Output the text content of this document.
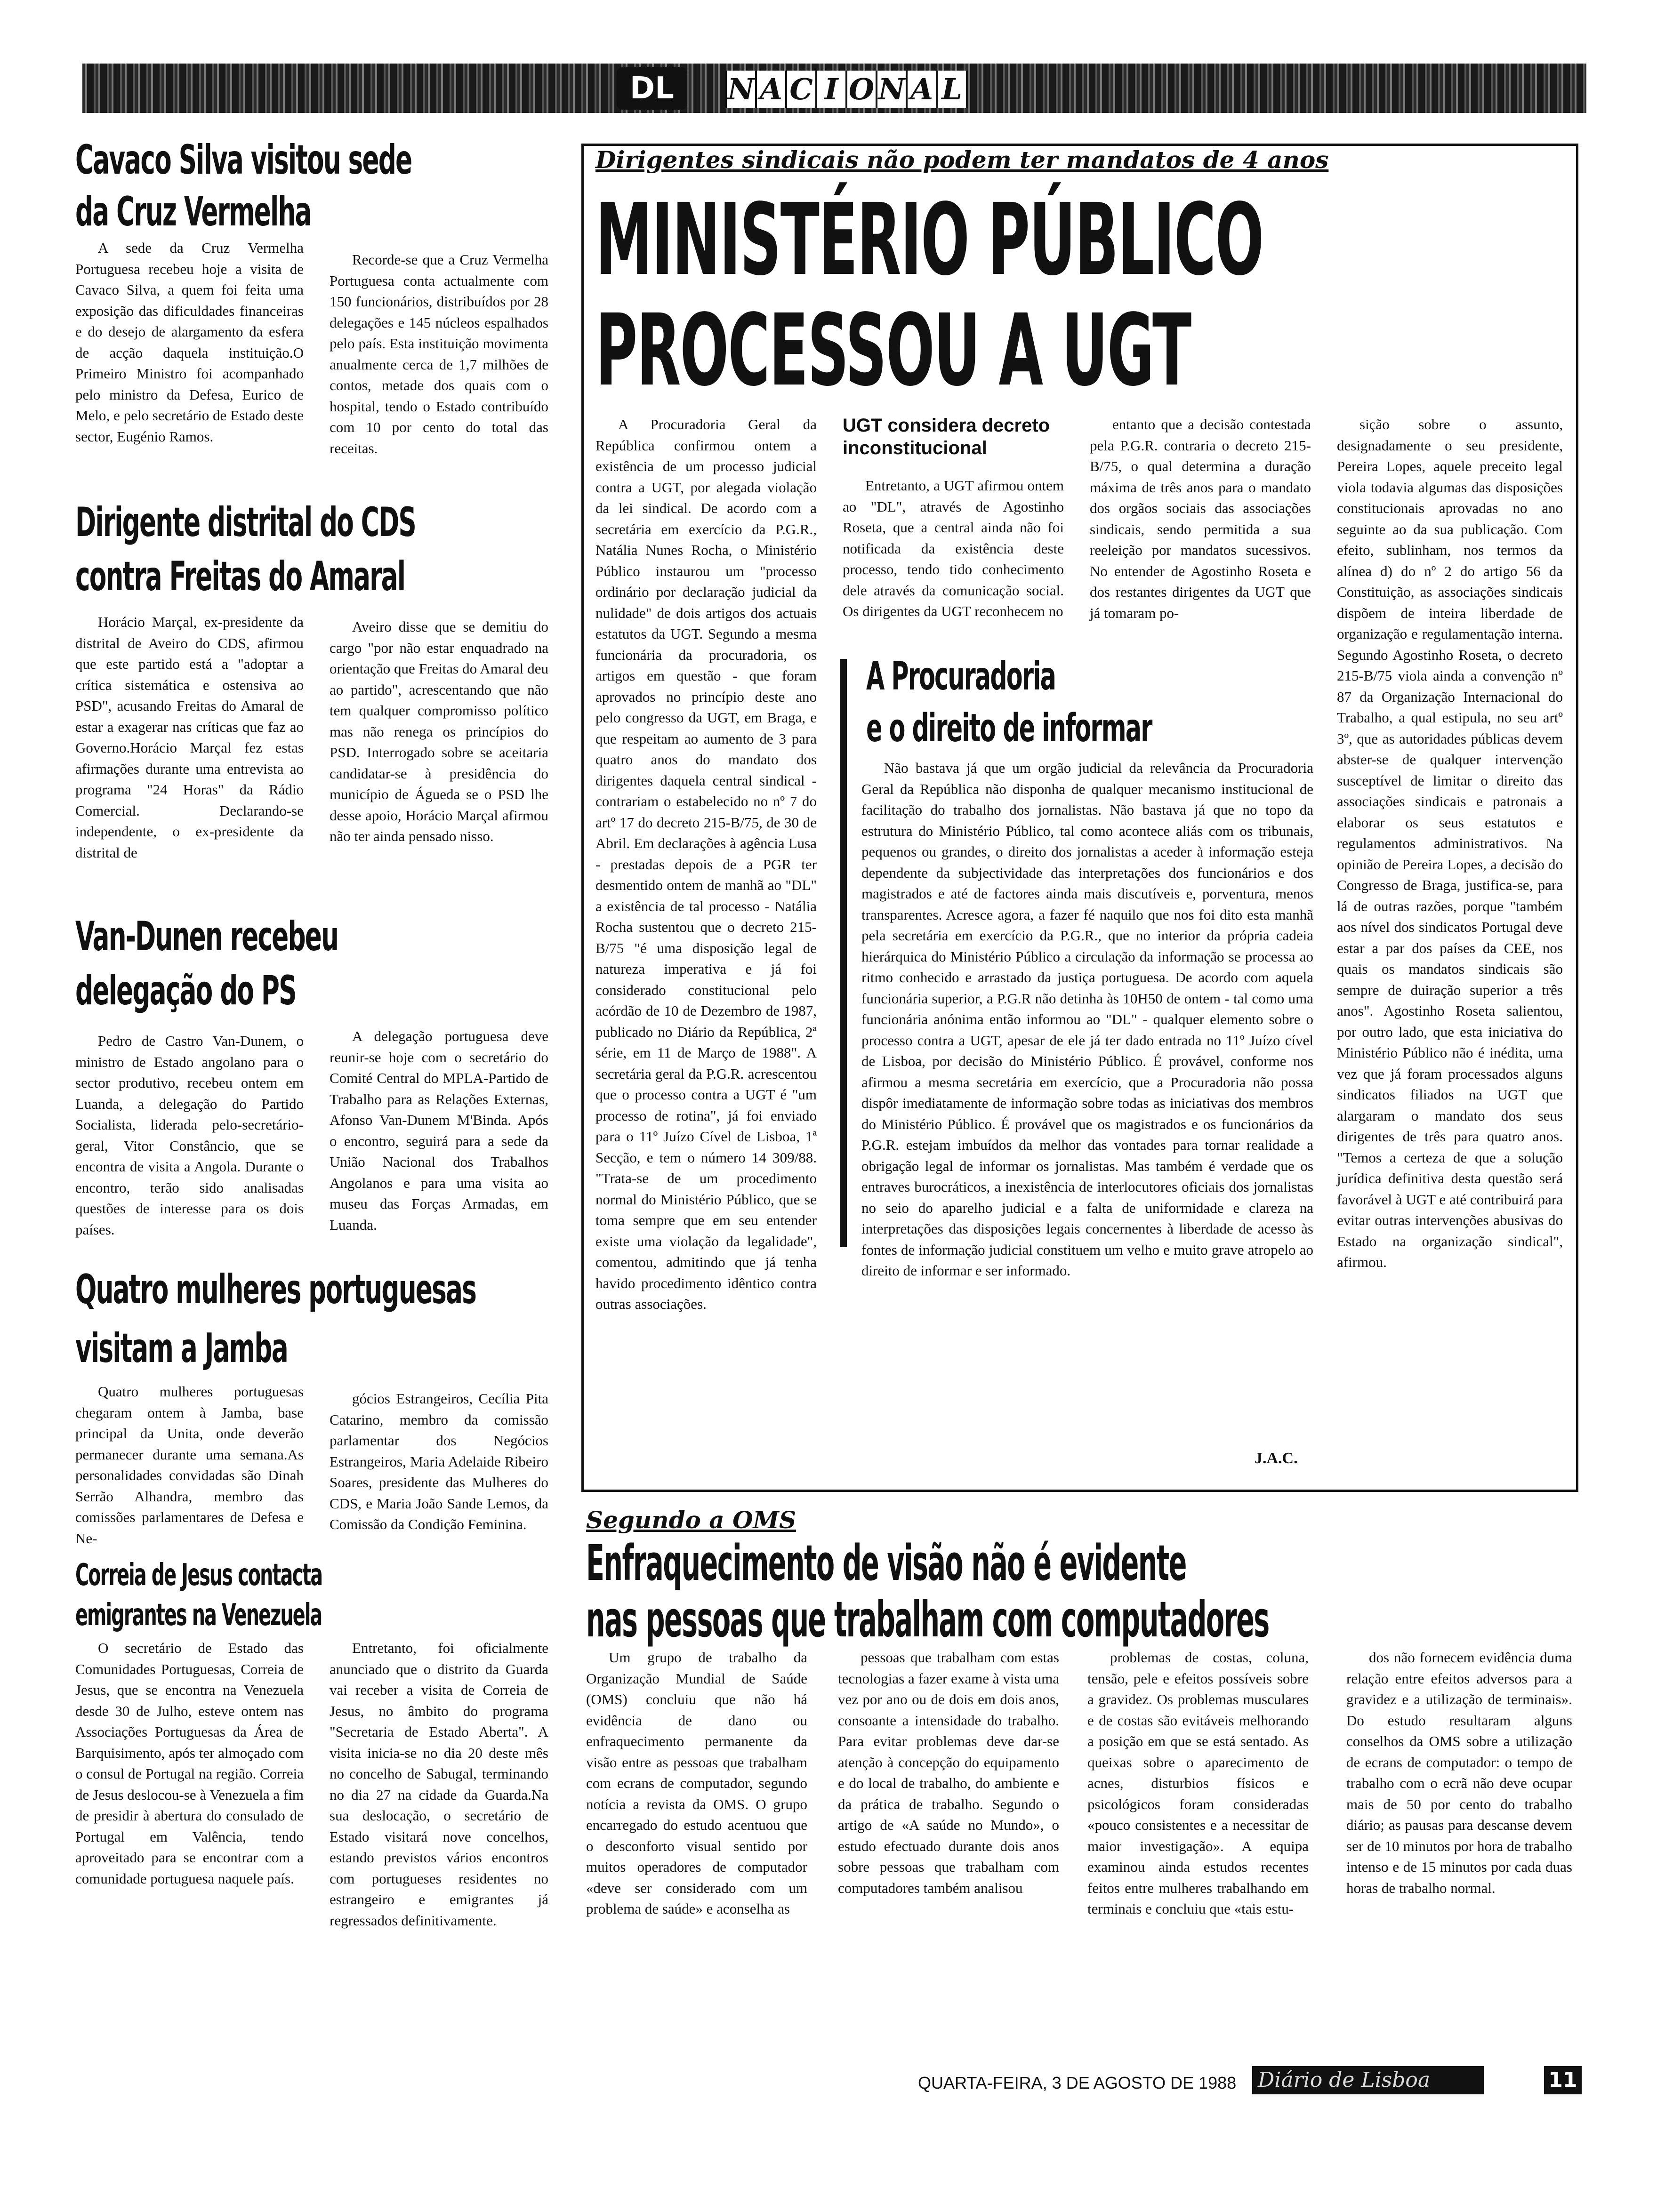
DL	N A C I O N A L
Cavaco Silva visitou sede
da Cruz Vermelha

A sede da Cruz Vermelha Portuguesa recebeu hoje a visita de Cavaco Silva, a quem foi feita uma exposição das dificuldades financeiras e do desejo de alargamento da esfera de acção daquela instituição.O Primeiro Ministro foi acompanhado pelo ministro da Defesa, Eurico de Melo, e pelo secretário de Estado deste sector, Eugénio Ramos.

Recorde-se que a Cruz Vermelha Portuguesa conta actualmente com 150 funcionários, distribuídos por 28 delegações e 145 núcleos espalhados pelo país. Esta instituição movimenta anualmente cerca de 1,7 milhões de contos, metade dos quais com o hospital, tendo o Estado contribuído com 10 por cento do total das receitas.

Dirigente distrital do CDS
contra Freitas do Amaral

Horácio Marçal, ex-presidente da distrital de Aveiro do CDS, afirmou que este partido está a "adoptar a crítica sistemática e ostensiva ao PSD", acusando Freitas do Amaral de estar a exagerar nas críticas que faz ao Governo.Horácio Marçal fez estas afirmações durante uma entrevista ao programa "24 Horas" da Rádio Comercial. Declarando-se independente, o ex-presidente da distrital de

Aveiro disse que se demitiu do cargo "por não estar enquadrado na orientação que Freitas do Amaral deu ao partido", acrescentando que não tem qualquer compromisso político mas não renega os princípios do PSD. Interrogado sobre se aceitaria candidatar-se à presidência do município de Águeda se o PSD lhe desse apoio, Horácio Marçal afirmou não ter ainda pensado nisso.

Van-Dunen recebeu
delegação do PS

Pedro de Castro Van-Dunem, o ministro de Estado angolano para o sector produtivo, recebeu ontem em Luanda, a delegação do Partido Socialista, liderada pelo-secretário-geral, Vitor Constâncio, que se encontra de visita a Angola. Durante o encontro, terão sido analisadas questões de interesse para os dois países.

A delegação portuguesa deve reunir-se hoje com o secretário do Comité Central do MPLA-Partido de Trabalho para as Relações Externas, Afonso Van-Dunem M'Binda. Após o encontro, seguirá para a sede da União Nacional dos Trabalhos Angolanos e para uma visita ao museu das Forças Armadas, em Luanda.

Quatro mulheres portuguesas
visitam a Jamba

Quatro mulheres portuguesas chegaram ontem à Jamba, base principal da Unita, onde deverão permanecer durante uma semana.As personalidades convidadas são Dinah Serrão Alhandra, membro das comissões parlamentares de Defesa e Ne-

gócios Estrangeiros, Cecília Pita Catarino, membro da comissão parlamentar dos Negócios Estrangeiros, Maria Adelaide Ribeiro Soares, presidente das Mulheres do CDS, e Maria João Sande Lemos, da Comissão da Condição Feminina.

Correia de Jesus contacta
emigrantes na Venezuela

O secretário de Estado das Comunidades Portuguesas, Correia de Jesus, que se encontra na Venezuela desde 30 de Julho, esteve ontem nas Associações Portuguesas da Área de Barquisimento, após ter almoçado com o consul de Portugal na região. Correia de Jesus deslocou-se à Venezuela a fim de presidir à abertura do consulado de Portugal em Valência, tendo aproveitado para se encontrar com a comunidade portuguesa naquele país.

Entretanto, foi oficialmente anunciado que o distrito da Guarda vai receber a visita de Correia de Jesus, no âmbito do programa "Secretaria de Estado Aberta". A visita inicia-se no dia 20 deste mês no concelho de Sabugal, terminando no dia 27 na cidade da Guarda.Na sua deslocação, o secretário de Estado visitará nove concelhos, estando previstos vários encontros com portugueses residentes no estrangeiro e emigrantes já regressados definitivamente.

Dirigentes sindicais não podem ter mandatos de 4 anos
MINISTÉRIO PÚBLICO
PROCESSOU A UGT

A Procuradoria Geral da República confirmou ontem a existência de um processo judicial contra a UGT, por alegada violação da lei sindical. De acordo com a secretária em exercício da P.G.R., Natália Nunes Rocha, o Ministério Público instaurou um "processo ordinário por declaração judicial da nulidade" de dois artigos dos actuais estatutos da UGT. Segundo a mesma funcionária da procuradoria, os artigos em questão - que foram aprovados no princípio deste ano pelo congresso da UGT, em Braga, e que respeitam ao aumento de 3 para quatro anos do mandato dos dirigentes daquela central sindical - contrariam o estabelecido no nº 7 do artº 17 do decreto 215-B/75, de 30 de Abril. Em declarações à agência Lusa - prestadas depois de a PGR ter desmentido ontem de manhã ao "DL" a existência de tal processo - Natália Rocha sustentou que o decreto 215-B/75 "é uma disposição legal de natureza imperativa e já foi considerado constitucional pelo acórdão de 10 de Dezembro de 1987, publicado no Diário da República, 2ª série, em 11 de Março de 1988". A secretária geral da P.G.R. acrescentou que o processo contra a UGT é "um processo de rotina", já foi enviado para o 11º Juízo Cível de Lisboa, 1ª Secção, e tem o número 14 309/88. "Trata-se de um procedimento normal do Ministério Público, que se toma sempre que em seu entender existe uma violação da legalidade", comentou, admitindo que já tenha havido procedimento idêntico contra outras associações.

UGT considera decreto inconstitucional

Entretanto, a UGT afirmou ontem ao "DL", através de Agostinho Roseta, que a central ainda não foi notificada da existência deste processo, tendo tido conhecimento dele através da comunicação social. Os dirigentes da UGT reconhecem no

entanto que a decisão contestada pela P.G.R. contraria o decreto 215-B/75, o qual determina a duração máxima de três anos para o mandato dos orgãos sociais das associações sindicais, sendo permitida a sua reeleição por mandatos sucessivos. No entender de Agostinho Roseta e dos restantes dirigentes da UGT que já tomaram po-

sição sobre o assunto, designadamente o seu presidente, Pereira Lopes, aquele preceito legal viola todavia algumas das disposições constitucionais aprovadas no ano seguinte ao da sua publicação. Com efeito, sublinham, nos termos da alínea d) do nº 2 do artigo 56 da Constituição, as associações sindicais dispõem de inteira liberdade de organização e regulamentação interna. Segundo Agostinho Roseta, o decreto 215-B/75 viola ainda a convenção nº 87 da Organização Internacional do Trabalho, a qual estipula, no seu artº 3º, que as autoridades públicas devem abster-se de qualquer intervenção susceptível de limitar o direito das associações sindicais e patronais a elaborar os seus estatutos e regulamentos administrativos. Na opinião de Pereira Lopes, a decisão do Congresso de Braga, justifica-se, para lá de outras razões, porque "também aos nível dos sindicatos Portugal deve estar a par dos países da CEE, nos quais os mandatos sindicais são sempre de duiração superior a três anos". Agostinho Roseta salientou, por outro lado, que esta iniciativa do Ministério Público não é inédita, uma vez que já foram processados alguns sindicatos filiados na UGT que alargaram o mandato dos seus dirigentes de três para quatro anos. "Temos a certeza de que a solução jurídica definitiva desta questão será favorável à UGT e até contribuirá para evitar outras intervenções abusivas do Estado na organização sindical", afirmou.

A Procuradoria
e o direito de informar

Não bastava já que um orgão judicial da relevância da Procuradoria Geral da República não disponha de qualquer mecanismo institucional de facilitação do trabalho dos jornalistas. Não bastava já que no topo da estrutura do Ministério Público, tal como acontece aliás com os tribunais, pequenos ou grandes, o direito dos jornalistas a aceder à informação esteja dependente da subjectividade das interpretações dos funcionários e dos magistrados e até de factores ainda mais discutíveis e, porventura, menos transparentes. Acresce agora, a fazer fé naquilo que nos foi dito esta manhã pela secretária em exercício da P.G.R., que no interior da própria cadeia hierárquica do Ministério Público a circulação da informação se processa ao ritmo conhecido e arrastado da justiça portuguesa. De acordo com aquela funcionária superior, a P.G.R não detinha às 10H50 de ontem - tal como uma funcionária anónima então informou ao "DL" - qualquer elemento sobre o processo contra a UGT, apesar de ele já ter dado entrada no 11º Juízo cível de Lisboa, por decisão do Ministério Público. É provável, conforme nos afirmou a mesma secretária em exercício, que a Procuradoria não possa dispôr imediatamente de informação sobre todas as iniciativas dos membros do Ministério Público. É provável que os magistrados e os funcionários da P.G.R. estejam imbuídos da melhor das vontades para tornar realidade a obrigação legal de informar os jornalistas. Mas também é verdade que os entraves burocráticos, a inexistência de interlocutores oficiais dos jornalistas no seio do aparelho judicial e a falta de uniformidade e clareza na interpretações das disposições legais concernentes à liberdade de acesso às fontes de informação judicial constituem um velho e muito grave atropelo ao direito de informar e ser informado.

J.A.C.
Segundo a OMS
Enfraquecimento de visão não é evidente
nas pessoas que trabalham com computadores

Um grupo de trabalho da Organização Mundial de Saúde (OMS) concluiu que não há evidência de dano ou enfraquecimento permanente da visão entre as pessoas que trabalham com ecrans de computador, segundo notícia a revista da OMS. O grupo encarregado do estudo acentuou que o desconforto visual sentido por muitos operadores de computador «deve ser considerado com um problema de saúde» e aconselha as

pessoas que trabalham com estas tecnologias a fazer exame à vista uma vez por ano ou de dois em dois anos, consoante a intensidade do trabalho. Para evitar problemas deve dar-se atenção à concepção do equipamento e do local de trabalho, do ambiente e da prática de trabalho. Segundo o artigo de «A saúde no Mundo», o estudo efectuado durante dois anos sobre pessoas que trabalham com computadores também analisou

problemas de costas, coluna, tensão, pele e efeitos possíveis sobre a gravidez. Os problemas musculares e de costas são evitáveis melhorando a posição em que se está sentado. As queixas sobre o aparecimento de acnes, disturbios físicos e psicológicos foram consideradas «pouco consistentes e a necessitar de maior investigação». A equipa examinou ainda estudos recentes feitos entre mulheres trabalhando em terminais e concluiu que «tais estu-

dos não fornecem evidência duma relação entre efeitos adversos para a gravidez e a utilização de terminais». Do estudo resultaram alguns conselhos da OMS sobre a utilização de ecrans de computador: o tempo de trabalho com o ecrã não deve ocupar mais de 50 por cento do trabalho diário; as pausas para descanse devem ser de 10 minutos por hora de trabalho intenso e de 15 minutos por cada duas horas de trabalho normal.

QUARTA-FEIRA, 3 DE AGOSTO DE 1988 Diário de Lisboa	11
